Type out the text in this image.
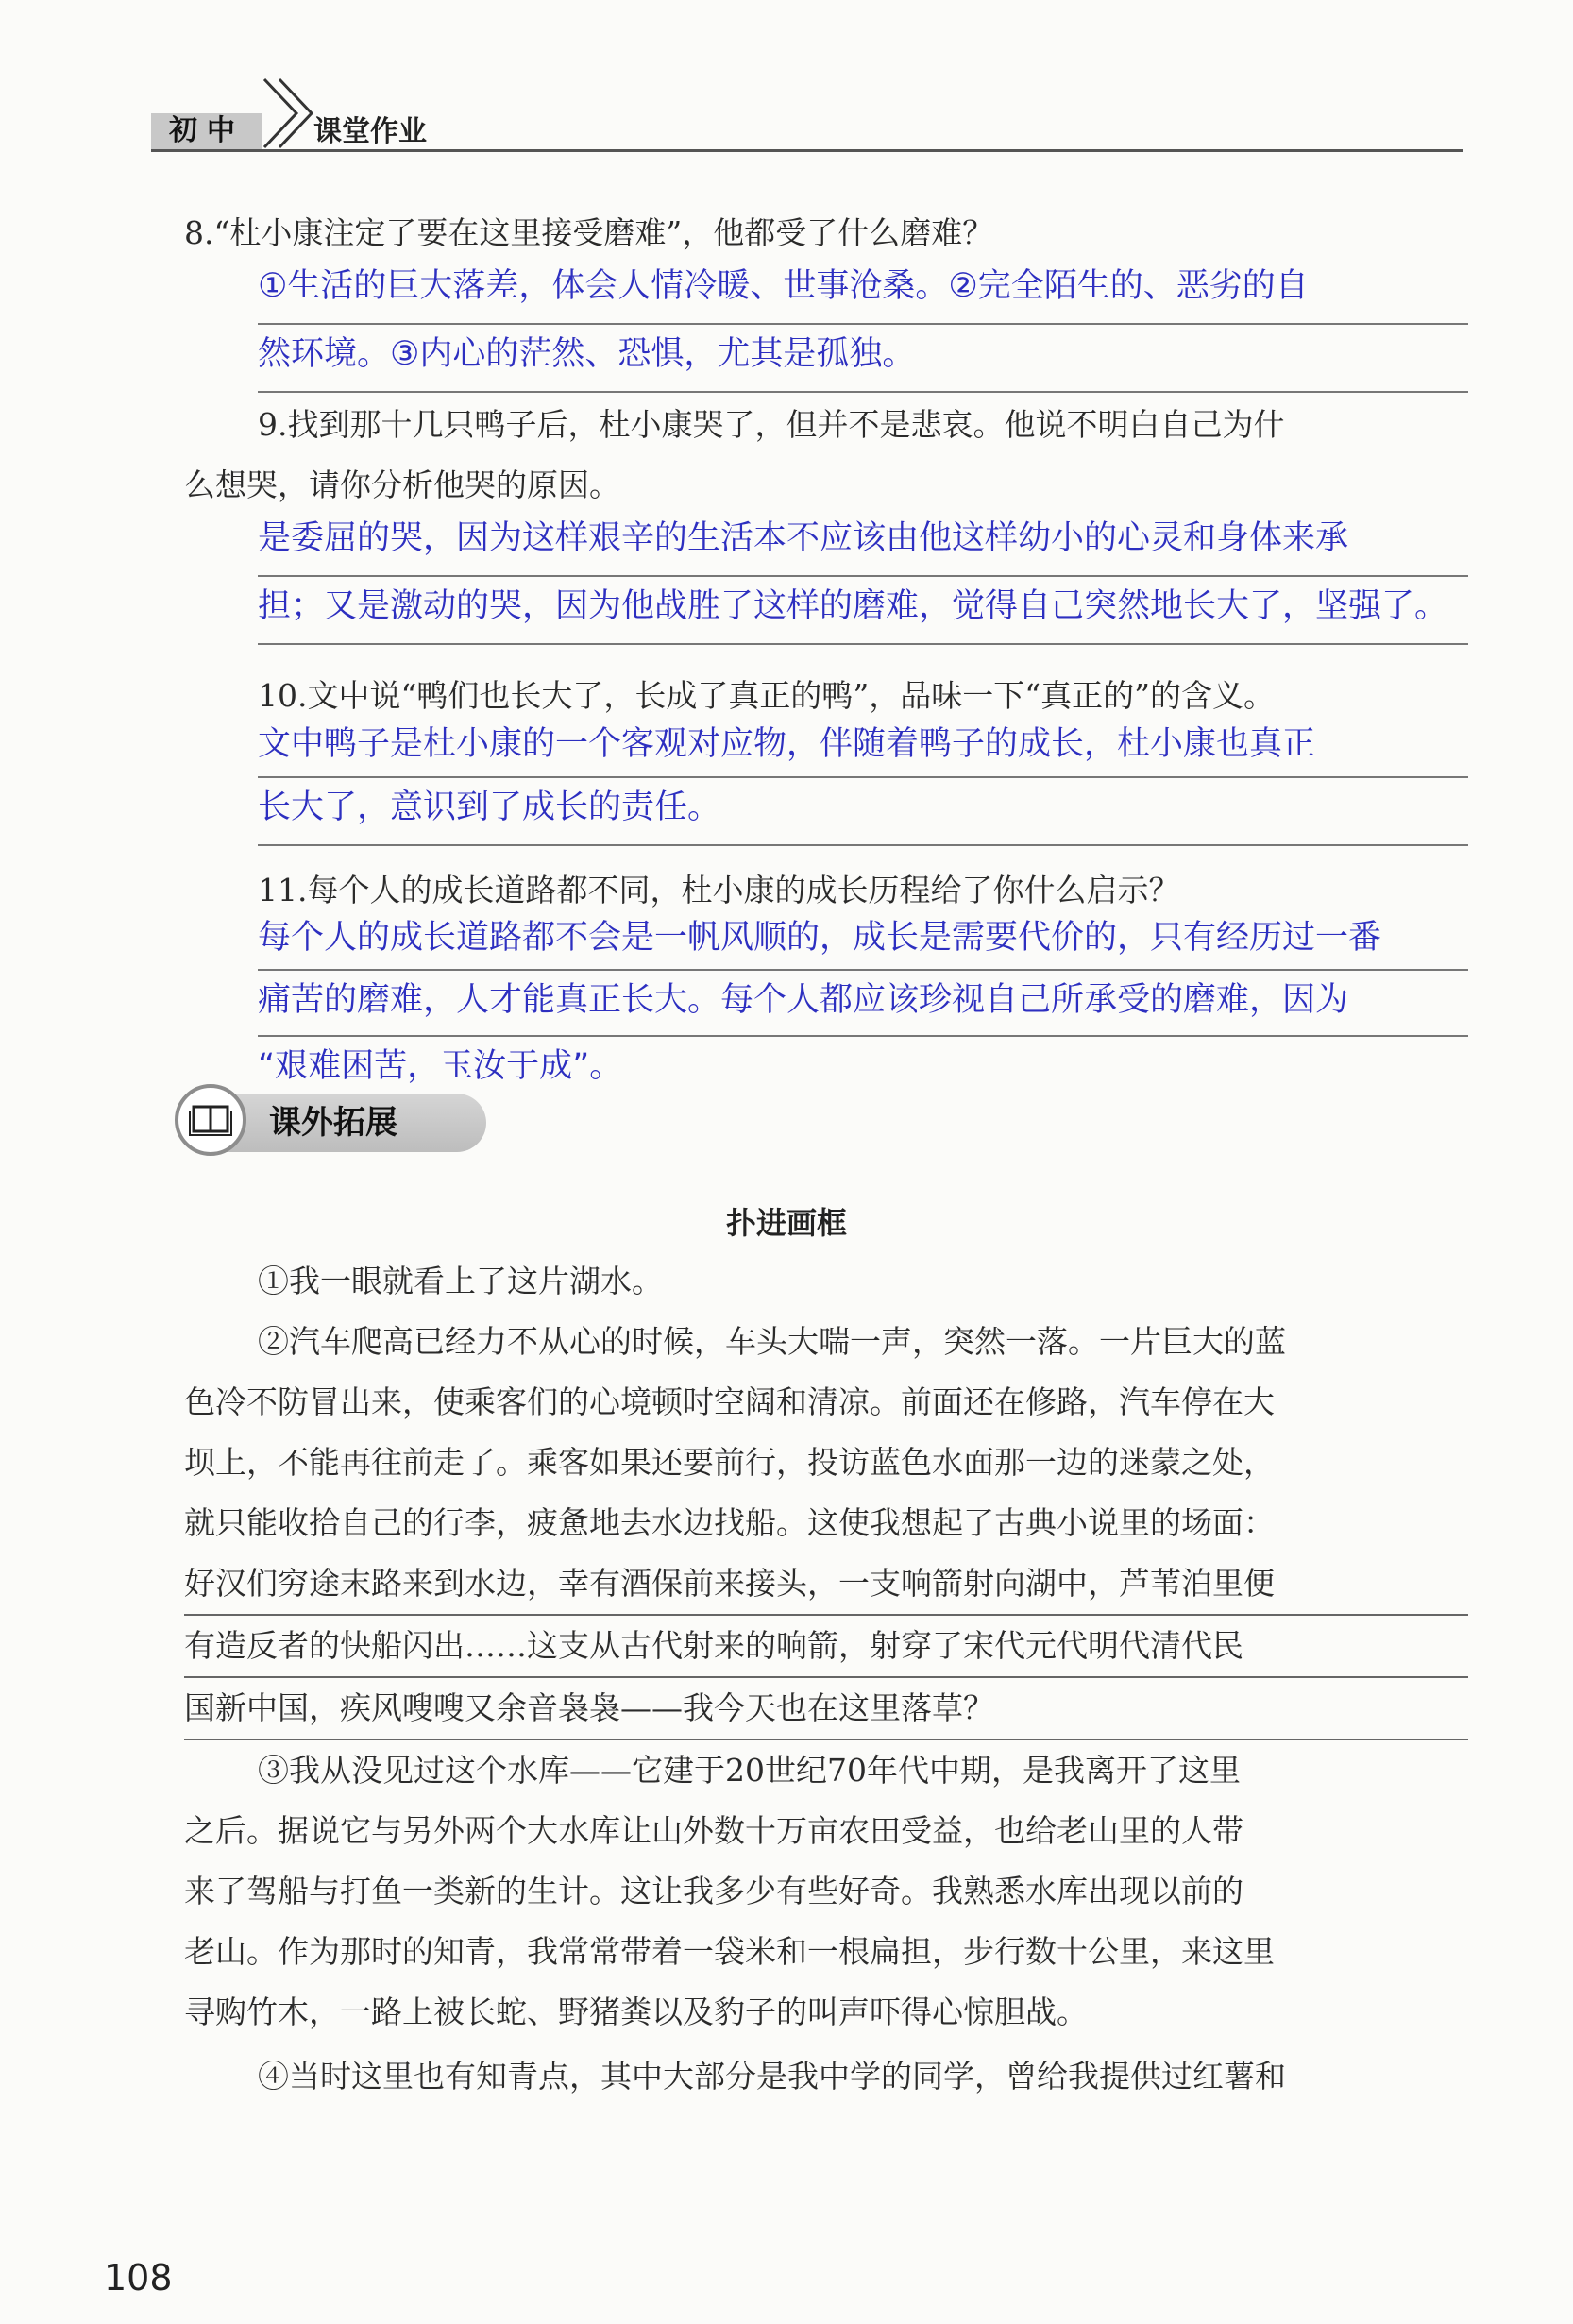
初中	课堂作业

8.“杜小康注定了要在这里接受磨难”，他都受了什么磨难？

①生活的巨大落差，体会人情冷暖、世事沧桑。②完全陌生的、恶劣的自
然环境。③内心的茫然、恐惧，尤其是孤独。

9.找到那十几只鸭子后，杜小康哭了，但并不是悲哀。他说不明白自己为什

么想哭，请你分析他哭的原因。

是委屈的哭，因为这样艰辛的生活本不应该由他这样幼小的心灵和身体来承
担；又是激动的哭，因为他战胜了这样的磨难，觉得自己突然地长大了，坚强了。

10.文中说“鸭们也长大了，长成了真正的鸭”，品味一下“真正的”的含义。

文中鸭子是杜小康的一个客观对应物，伴随着鸭子的成长，杜小康也真正
长大了，意识到了成长的责任。

11.每个人的成长道路都不同，杜小康的成长历程给了你什么启示？

每个人的成长道路都不会是一帆风顺的，成长是需要代价的，只有经历过一番
痛苦的磨难，人才能真正长大。每个人都应该珍视自己所承受的磨难，因为
“艰难困苦，玉汝于成”。
课外拓展
扑进画框

①我一眼就看上了这片湖水。

②汽车爬高已经力不从心的时候，车头大喘一声，突然一落。一片巨大的蓝

色冷不防冒出来，使乘客们的心境顿时空阔和清凉。前面还在修路，汽车停在大

坝上，不能再往前走了。乘客如果还要前行，投访蓝色水面那一边的迷蒙之处，

就只能收拾自己的行李，疲惫地去水边找船。这使我想起了古典小说里的场面：

好汉们穷途末路来到水边，幸有酒保前来接头，一支响箭射向湖中，芦苇泊里便

有造反者的快船闪出……这支从古代射来的响箭，射穿了宋代元代明代清代民

国新中国，疾风嗖嗖又余音袅袅——我今天也在这里落草？

③我从没见过这个水库——它建于20世纪70年代中期，是我离开了这里

之后。据说它与另外两个大水库让山外数十万亩农田受益，也给老山里的人带

来了驾船与打鱼一类新的生计。这让我多少有些好奇。我熟悉水库出现以前的

老山。作为那时的知青，我常常带着一袋米和一根扁担，步行数十公里，来这里

寻购竹木，一路上被长蛇、野猪粪以及豹子的叫声吓得心惊胆战。

④当时这里也有知青点，其中大部分是我中学的同学，曾给我提供过红薯和

108
